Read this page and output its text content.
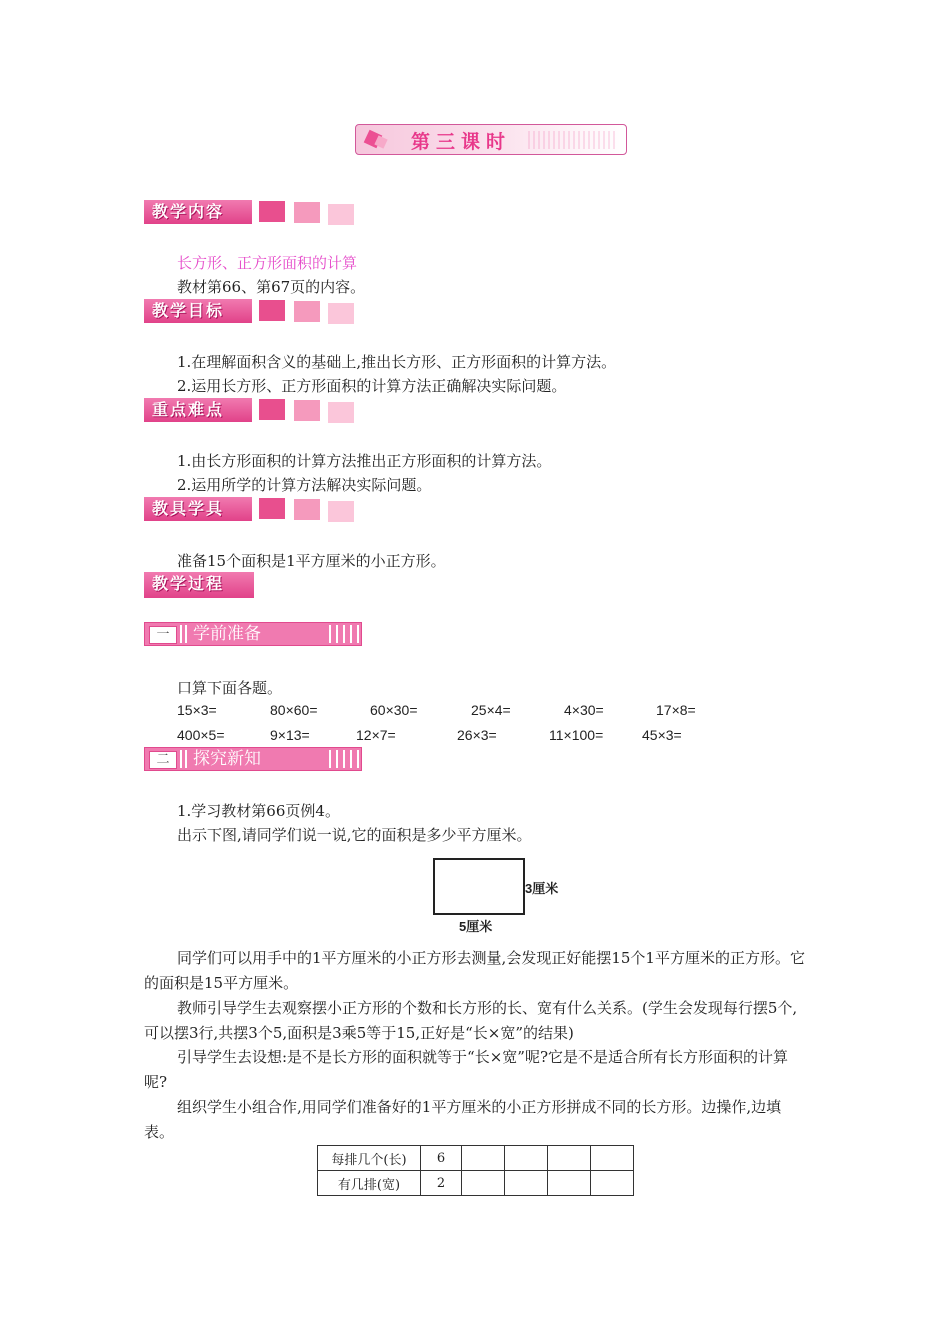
第三课时
教学内容
长方形、正方形面积的计算
教材第66、第67页的内容。
教学目标
1.在理解面积含义的基础上,推出长方形、正方形面积的计算方法。
2.运用长方形、正方形面积的计算方法正确解决实际问题。
重点难点
1.由长方形面积的计算方法推出正方形面积的计算方法。
2.运用所学的计算方法解决实际问题。
教具学具
准备15个面积是1平方厘米的小正方形。
教学过程
一	学前准备
口算下面各题。
15×3=	80×60=	60×30=	25×4=	4×30=	17×8=
400×5=	9×13=	12×7=	26×3=	11×100=	45×3=
二	探究新知
1.学习教材第66页例4。
出示下图,请同学们说一说,它的面积是多少平方厘米。
3厘米
5厘米
同学们可以用手中的1平方厘米的小正方形去测量,会发现正好能摆15个1平方厘米的正方形。它的面积是15平方厘米。
教师引导学生去观察摆小正方形的个数和长方形的长、宽有什么关系。(学生会发现每行摆5个,可以摆3行,共摆3个5,面积是3乘5等于15,正好是“长×宽”的结果)
引导学生去设想:是不是长方形的面积就等于“长×宽”呢?它是不是适合所有长方形面积的计算呢?
组织学生小组合作,用同学们准备好的1平方厘米的小正方形拼成不同的长方形。边操作,边填表。
每排几个(长)	6				
有几排(宽)	2				
